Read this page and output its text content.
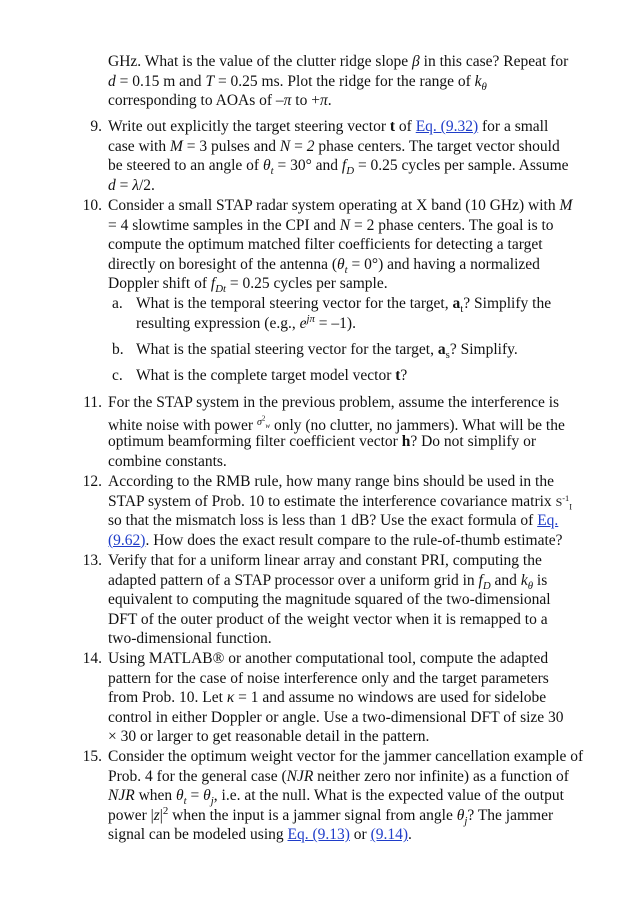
GHz. What is the value of the clutter ridge slope β in this case? Repeat for
d = 0.15 m and T = 0.25 ms. Plot the ridge for the range of $k_\theta$
corresponding to AOAs of –π to +π.
9. Write out explicitly the target steering vector t of Eq. (9.32) for a small
case with M = 3 pulses and N = 2 phase centers. The target vector should
be steered to an angle of $\theta_t = 30^\circ$ and $f_D = 0.25$ cycles per sample. Assume
d = λ/2.
10. Consider a small STAP radar system operating at X band (10 GHz) with M
= 4 slowtime samples in the CPI and N = 2 phase centers. The goal is to
compute the optimum matched filter coefficients for detecting a target
directly on boresight of the antenna $(\theta_t = 0^\circ)$ and having a normalized
Doppler shift of $f_{Dt} = 0.25$ cycles per sample.
a. What is the temporal steering vector for the target, $a_t$? Simplify the
resulting expression (e.g., $e^{j\pi} = -1$).
b. What is the spatial steering vector for the target, $a_s$? Simplify.
c. What is the complete target model vector t?
11. For the STAP system in the previous problem, assume the interference is
white noise with power $^{\sigma^2_w}$ only (no clutter, no jammers). What will be the
optimum beamforming filter coefficient vector h? Do not simplify or
combine constants.
12. According to the RMB rule, how many range bins should be used in the
STAP system of Prob. 10 to estimate the interference covariance matrix $S^{-1}_I$
so that the mismatch loss is less than 1 dB? Use the exact formula of Eq.
(9.62). How does the exact result compare to the rule-of-thumb estimate?
13. Verify that for a uniform linear array and constant PRI, computing the
adapted pattern of a STAP processor over a uniform grid in $f_D$ and $k_\theta$ is
equivalent to computing the magnitude squared of the two-dimensional
DFT of the outer product of the weight vector when it is remapped to a
two-dimensional function.
14. Using MATLAB® or another computational tool, compute the adapted
pattern for the case of noise interference only and the target parameters
from Prob. 10. Let κ = 1 and assume no windows are used for sidelobe
control in either Doppler or angle. Use a two-dimensional DFT of size 30
× 30 or larger to get reasonable detail in the pattern.
15. Consider the optimum weight vector for the jammer cancellation example of
Prob. 4 for the general case (NJR neither zero nor infinite) as a function of
NJR when $\theta_t = \theta_j$, i.e. at the null. What is the expected value of the output
power $|z|^2$ when the input is a jammer signal from angle $\theta_j$? The jammer
signal can be modeled using Eq. (9.13) or (9.14).
